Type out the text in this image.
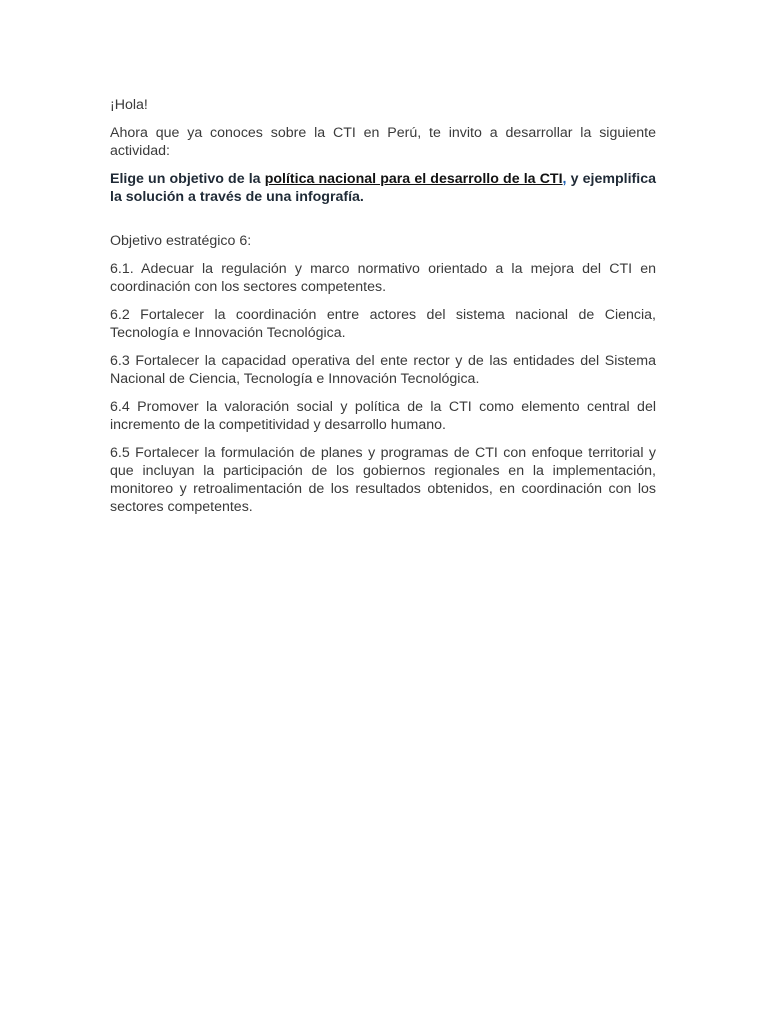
¡Hola!

Ahora que ya conoces sobre la CTI en Perú, te invito a desarrollar la siguiente actividad:

Elige un objetivo de la política nacional para el desarrollo de la CTI, y ejemplifica la solución a través de una infografía.

Objetivo estratégico 6:

6.1. Adecuar la regulación y marco normativo orientado a la mejora del CTI en coordinación con los sectores competentes.

6.2 Fortalecer la coordinación entre actores del sistema nacional de Ciencia, Tecnología e Innovación Tecnológica.

6.3 Fortalecer la capacidad operativa del ente rector y de las entidades del Sistema Nacional de Ciencia, Tecnología e Innovación Tecnológica.

6.4 Promover la valoración social y política de la CTI como elemento central del incremento de la competitividad y desarrollo humano.

6.5 Fortalecer la formulación de planes y programas de CTI con enfoque territorial y que incluyan la participación de los gobiernos regionales en la implementación, monitoreo y retroalimentación de los resultados obtenidos, en coordinación con los sectores competentes.
